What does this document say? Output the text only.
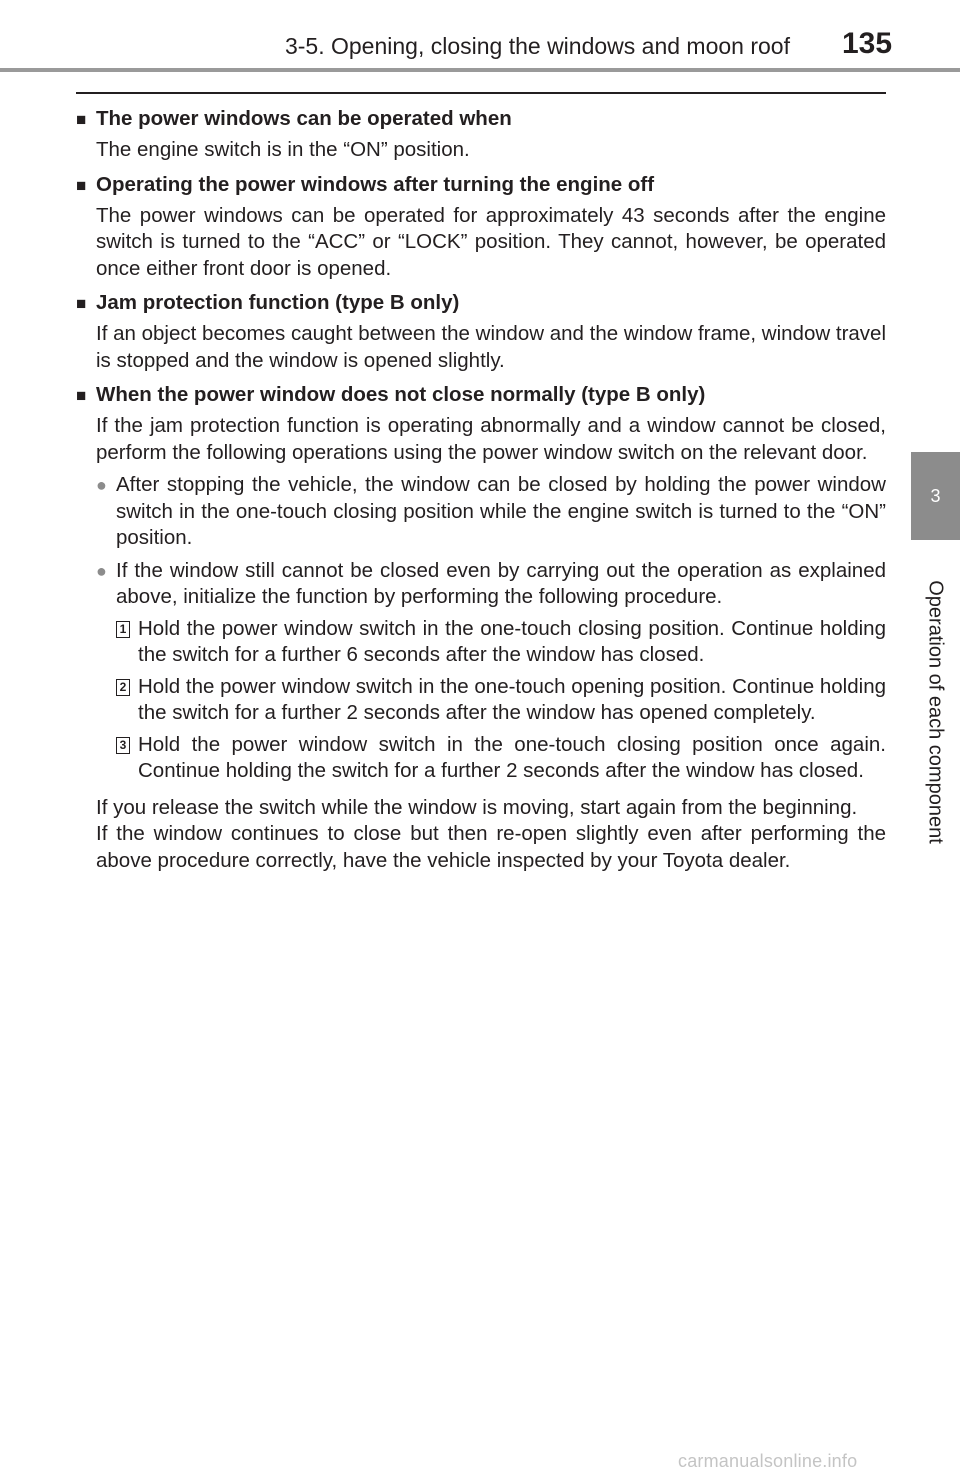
3-5. Opening, closing the windows and moon roof 135
3
Operation of each component
■ The power windows can be operated when
The engine switch is in the “ON” position.
■ Operating the power windows after turning the engine off
The power windows can be operated for approximately 43 seconds after the engine switch is turned to the “ACC” or “LOCK” position. They cannot, however, be operated once either front door is opened.
■ Jam protection function (type B only)
If an object becomes caught between the window and the window frame, window travel is stopped and the window is opened slightly.
■ When the power window does not close normally (type B only)
If the jam protection function is operating abnormally and a window cannot be closed, perform the following operations using the power window switch on the relevant door.
● After stopping the vehicle, the window can be closed by holding the power window switch in the one-touch closing position while the engine switch is turned to the “ON” position.
● If the window still cannot be closed even by carrying out the operation as explained above, initialize the function by performing the following procedure.
1 Hold the power window switch in the one-touch closing position. Continue holding the switch for a further 6 seconds after the window has closed.
2 Hold the power window switch in the one-touch opening position. Continue holding the switch for a further 2 seconds after the window has opened completely.
3 Hold the power window switch in the one-touch closing position once again. Continue holding the switch for a further 2 seconds after the window has closed.
If you release the switch while the window is moving, start again from the beginning.
If the window continues to close but then re-open slightly even after performing the above procedure correctly, have the vehicle inspected by your Toyota dealer.
carmanualsonline.info
